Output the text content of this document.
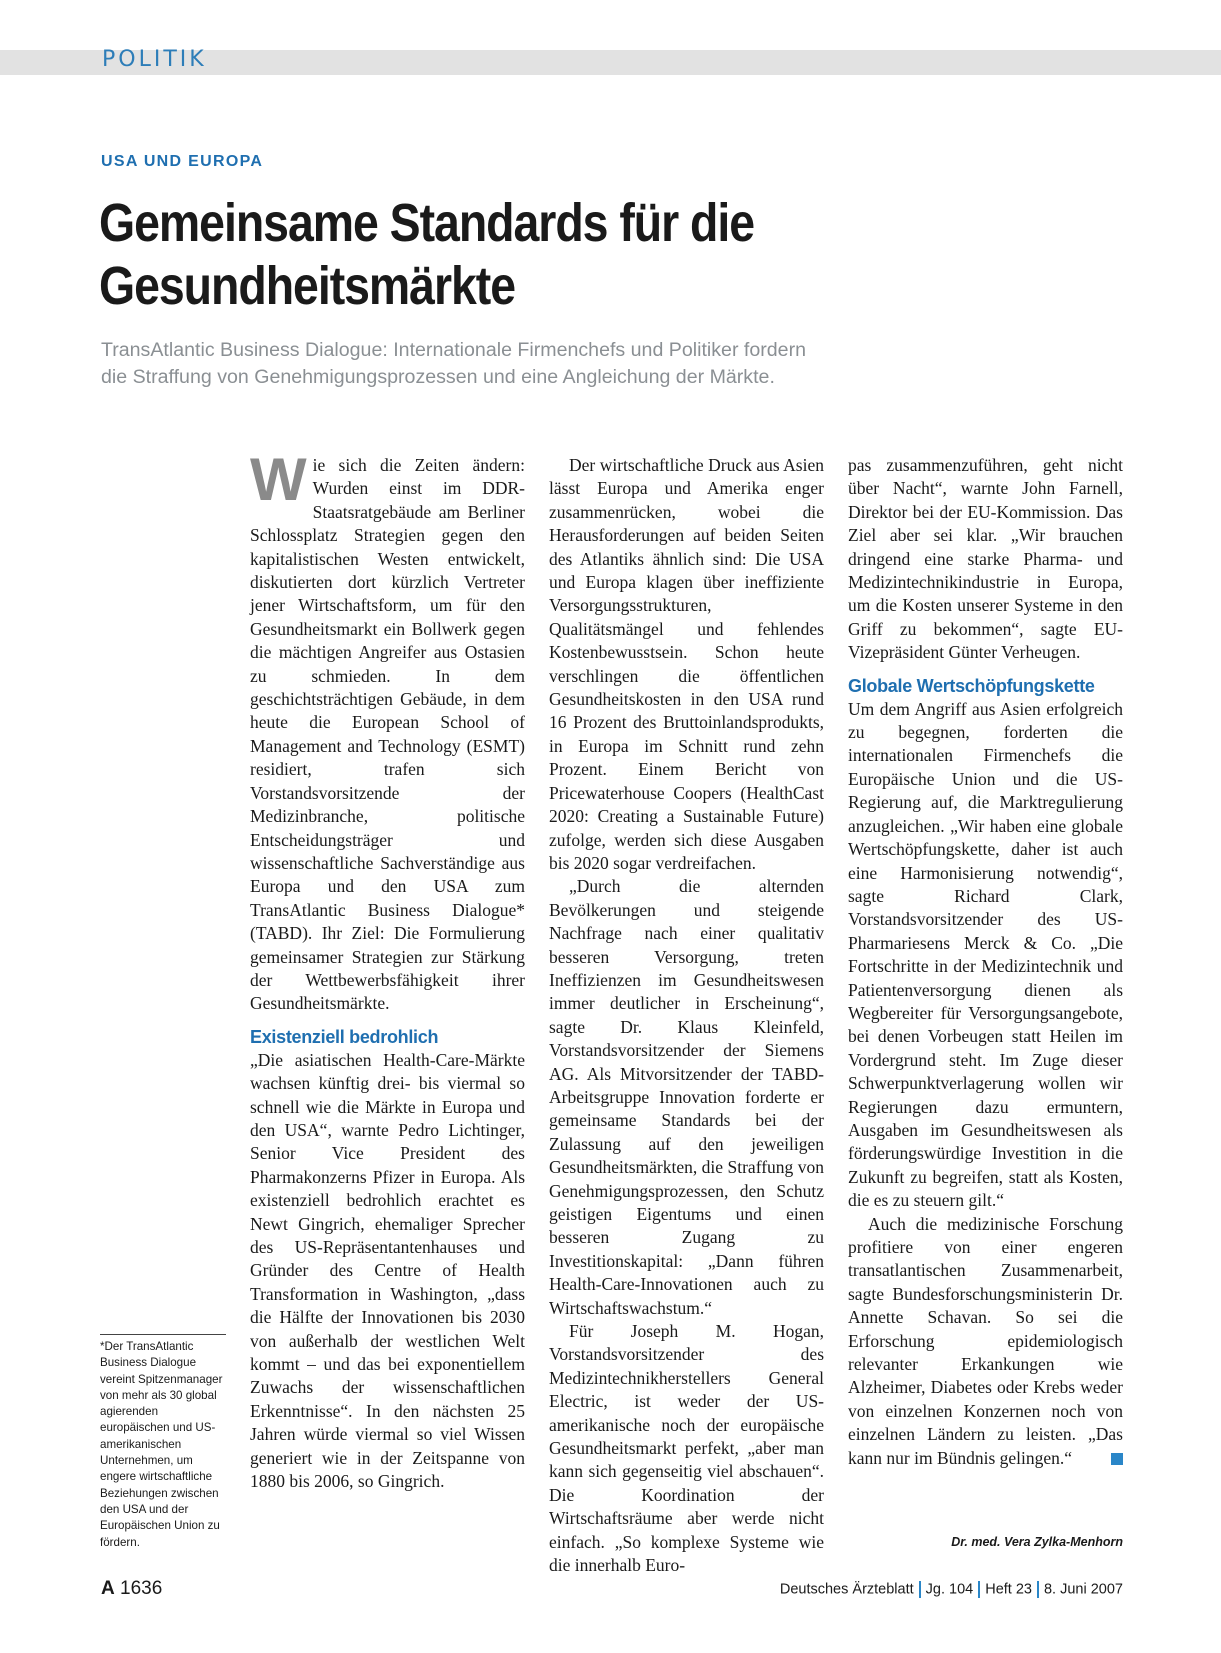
POLITIK
USA UND EUROPA
Gemeinsame Standards für die
Gesundheitsmärkte
TransAtlantic Business Dialogue: Internationale Firmenchefs und Politiker fordern
die Straffung von Genehmigungsprozessen und eine Angleichung der Märkte.

Wie sich die Zeiten ändern: Wurden einst im DDR-Staatsratgebäude am Berliner Schlossplatz Strategien gegen den kapitalistischen Westen entwickelt, diskutierten dort kürzlich Vertreter jener Wirtschaftsform, um für den Gesundheitsmarkt ein Bollwerk gegen die mächtigen Angreifer aus Ostasien zu schmieden. In dem geschichtsträchtigen Gebäude, in dem heute die European School of Management and Technology (ESMT) residiert, trafen sich Vorstandsvorsitzende der Medizinbranche, politische Entscheidungsträger und wissenschaftliche Sachverständige aus Europa und den USA zum TransAtlantic Business Dialogue* (TABD). Ihr Ziel: Die Formulierung gemeinsamer Strategien zur Stärkung der Wettbewerbsfähigkeit ihrer Gesundheitsmärkte.

Existenziell bedrohlich

„Die asiatischen Health-Care-Märkte wachsen künftig drei- bis viermal so schnell wie die Märkte in Europa und den USA“, warnte Pedro Lichtinger, Senior Vice President des Pharmakonzerns Pfizer in Europa. Als existenziell bedrohlich erachtet es Newt Gingrich, ehemaliger Sprecher des US-Repräsentantenhauses und Gründer des Centre of Health Transformation in Washington, „dass die Hälfte der Innovationen bis 2030 von außerhalb der westlichen Welt kommt – und das bei exponentiellem Zuwachs der wissenschaftlichen Erkenntnisse“. In den nächsten 25 Jahren würde viermal so viel Wissen generiert wie in der Zeitspanne von 1880 bis 2006, so Gingrich.

Der wirtschaftliche Druck aus Asien lässt Europa und Amerika enger zusammenrücken, wobei die Herausforderungen auf beiden Seiten des Atlantiks ähnlich sind: Die USA und Europa klagen über ineffiziente Versorgungsstrukturen, Qualitätsmängel und fehlendes Kostenbewusstsein. Schon heute verschlingen die öffentlichen Gesundheitskosten in den USA rund 16 Prozent des Bruttoinlandsprodukts, in Europa im Schnitt rund zehn Prozent. Einem Bericht von Pricewaterhouse Coopers (HealthCast 2020: Creating a Sustainable Future) zufolge, werden sich diese Ausgaben bis 2020 sogar verdreifachen.

„Durch die alternden Bevölkerungen und steigende Nachfrage nach einer qualitativ besseren Versorgung, treten Ineffizienzen im Gesundheitswesen immer deutlicher in Erscheinung“, sagte Dr. Klaus Kleinfeld, Vorstandsvorsitzender der Siemens AG. Als Mitvorsitzender der TABD-Arbeitsgruppe Innovation forderte er gemeinsame Standards bei der Zulassung auf den jeweiligen Gesundheitsmärkten, die Straffung von Genehmigungsprozessen, den Schutz geistigen Eigentums und einen besseren Zugang zu Investitionskapital: „Dann führen Health-Care-Innovationen auch zu Wirtschaftswachstum.“

Für Joseph M. Hogan, Vorstandsvorsitzender des Medizintechnikherstellers General Electric, ist weder der US-amerikanische noch der europäische Gesundheitsmarkt perfekt, „aber man kann sich gegenseitig viel abschauen“. Die Koordination der Wirtschaftsräume aber werde nicht einfach. „So komplexe Systeme wie die innerhalb Euro-

pas zusammenzuführen, geht nicht über Nacht“, warnte John Farnell, Direktor bei der EU-Kommission. Das Ziel aber sei klar. „Wir brauchen dringend eine starke Pharma- und Medizintechnikindustrie in Europa, um die Kosten unserer Systeme in den Griff zu bekommen“, sagte EU-Vizepräsident Günter Verheugen.

Globale Wertschöpfungskette

Um dem Angriff aus Asien erfolgreich zu begegnen, forderten die internationalen Firmenchefs die Europäische Union und die US-Regierung auf, die Marktregulierung anzugleichen. „Wir haben eine globale Wertschöpfungskette, daher ist auch eine Harmonisierung notwendig“, sagte Richard Clark, Vorstandsvorsitzender des US-Pharmariesens Merck & Co. „Die Fortschritte in der Medizintechnik und Patientenversorgung dienen als Wegbereiter für Versorgungsangebote, bei denen Vorbeugen statt Heilen im Vordergrund steht. Im Zuge dieser Schwerpunktverlagerung wollen wir Regierungen dazu ermuntern, Ausgaben im Gesundheitswesen als förderungswürdige Investition in die Zukunft zu begreifen, statt als Kosten, die es zu steuern gilt.“

Auch die medizinische Forschung profitiere von einer engeren transatlantischen Zusammenarbeit, sagte Bundesforschungsministerin Dr. Annette Schavan. So sei die Erforschung epidemiologisch relevanter Erkankungen wie Alzheimer, Diabetes oder Krebs weder von einzelnen Konzernen noch von einzelnen Ländern zu leisten. „Das kann nur im Bündnis gelingen.“

*Der TransAtlantic Business Dialogue vereint Spitzenmanager von mehr als 30 global agierenden europäischen und US-amerikanischen Unternehmen, um engere wirtschaftliche Beziehungen zwischen den USA und der Europäischen Union zu fördern.	Dr. med. Vera Zylka-Menhorn
A 1636	Deutsches Ärzteblatt Jg. 104 Heft 23 8. Juni 2007
